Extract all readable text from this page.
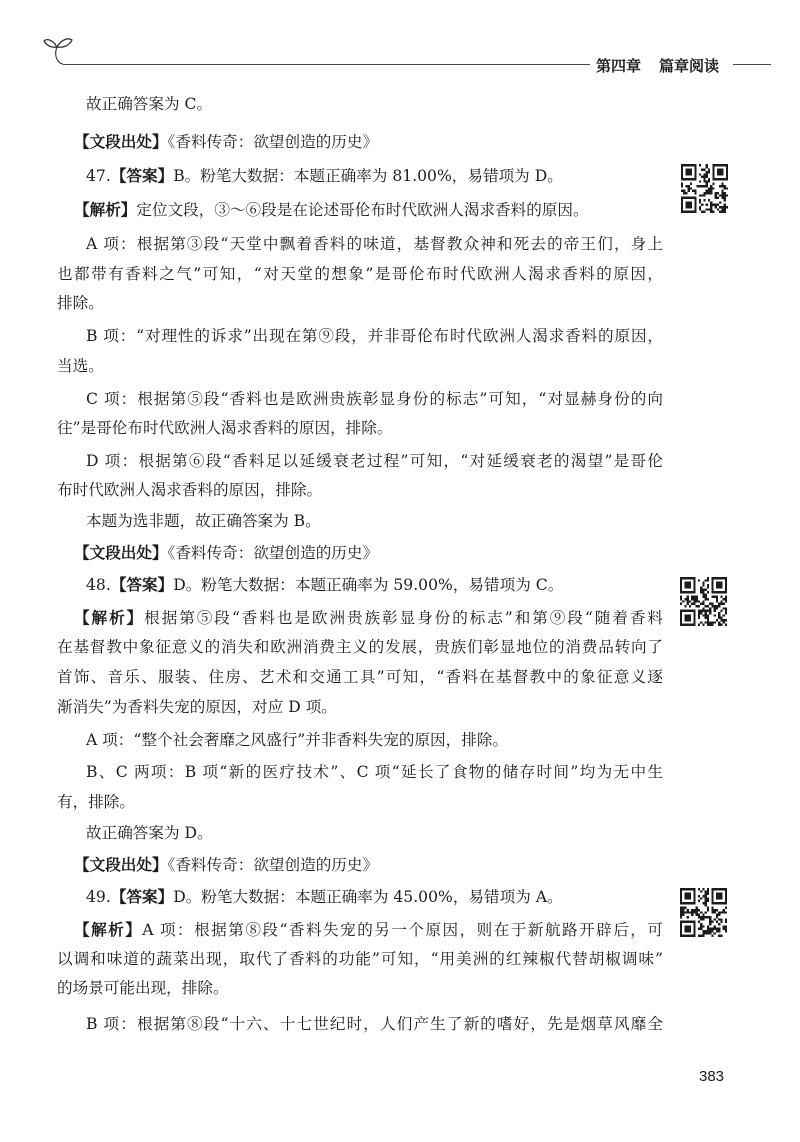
第四章 篇章阅读
故正确答案为 C。
【文段出处】《香料传奇：欲望创造的历史》
47.【答案】B。粉笔大数据：本题正确率为 81.00%，易错项为 D。
【解析】定位文段，③～⑥段是在论述哥伦布时代欧洲人渴求香料的原因。
A 项：根据第③段“天堂中飘着香料的味道，基督教众神和死去的帝王们，身上
也都带有香料之气”可知，“对天堂的想象”是哥伦布时代欧洲人渴求香料的原因，
排除。
B 项：“对理性的诉求”出现在第⑨段，并非哥伦布时代欧洲人渴求香料的原因，
当选。
C 项：根据第⑤段“香料也是欧洲贵族彰显身份的标志”可知，“对显赫身份的向
往”是哥伦布时代欧洲人渴求香料的原因，排除。
D 项：根据第⑥段“香料足以延缓衰老过程”可知，“对延缓衰老的渴望”是哥伦
布时代欧洲人渴求香料的原因，排除。
本题为选非题，故正确答案为 B。
【文段出处】《香料传奇：欲望创造的历史》
48.【答案】D。粉笔大数据：本题正确率为 59.00%，易错项为 C。
【解析】根据第⑤段“香料也是欧洲贵族彰显身份的标志”和第⑨段“随着香料
在基督教中象征意义的消失和欧洲消费主义的发展，贵族们彰显地位的消费品转向了
首饰、音乐、服装、住房、艺术和交通工具”可知，“香料在基督教中的象征意义逐
渐消失”为香料失宠的原因，对应 D 项。
A 项：“整个社会奢靡之风盛行”并非香料失宠的原因，排除。
B、C 两项：B 项“新的医疗技术”、C 项“延长了食物的储存时间”均为无中生
有，排除。
故正确答案为 D。
【文段出处】《香料传奇：欲望创造的历史》
49.【答案】D。粉笔大数据：本题正确率为 45.00%，易错项为 A。
【解析】A 项：根据第⑧段“香料失宠的另一个原因，则在于新航路开辟后，可
以调和味道的蔬菜出现，取代了香料的功能”可知，“用美洲的红辣椒代替胡椒调味”
的场景可能出现，排除。
B 项：根据第⑧段“十六、十七世纪时，人们产生了新的嗜好，先是烟草风靡全
383
